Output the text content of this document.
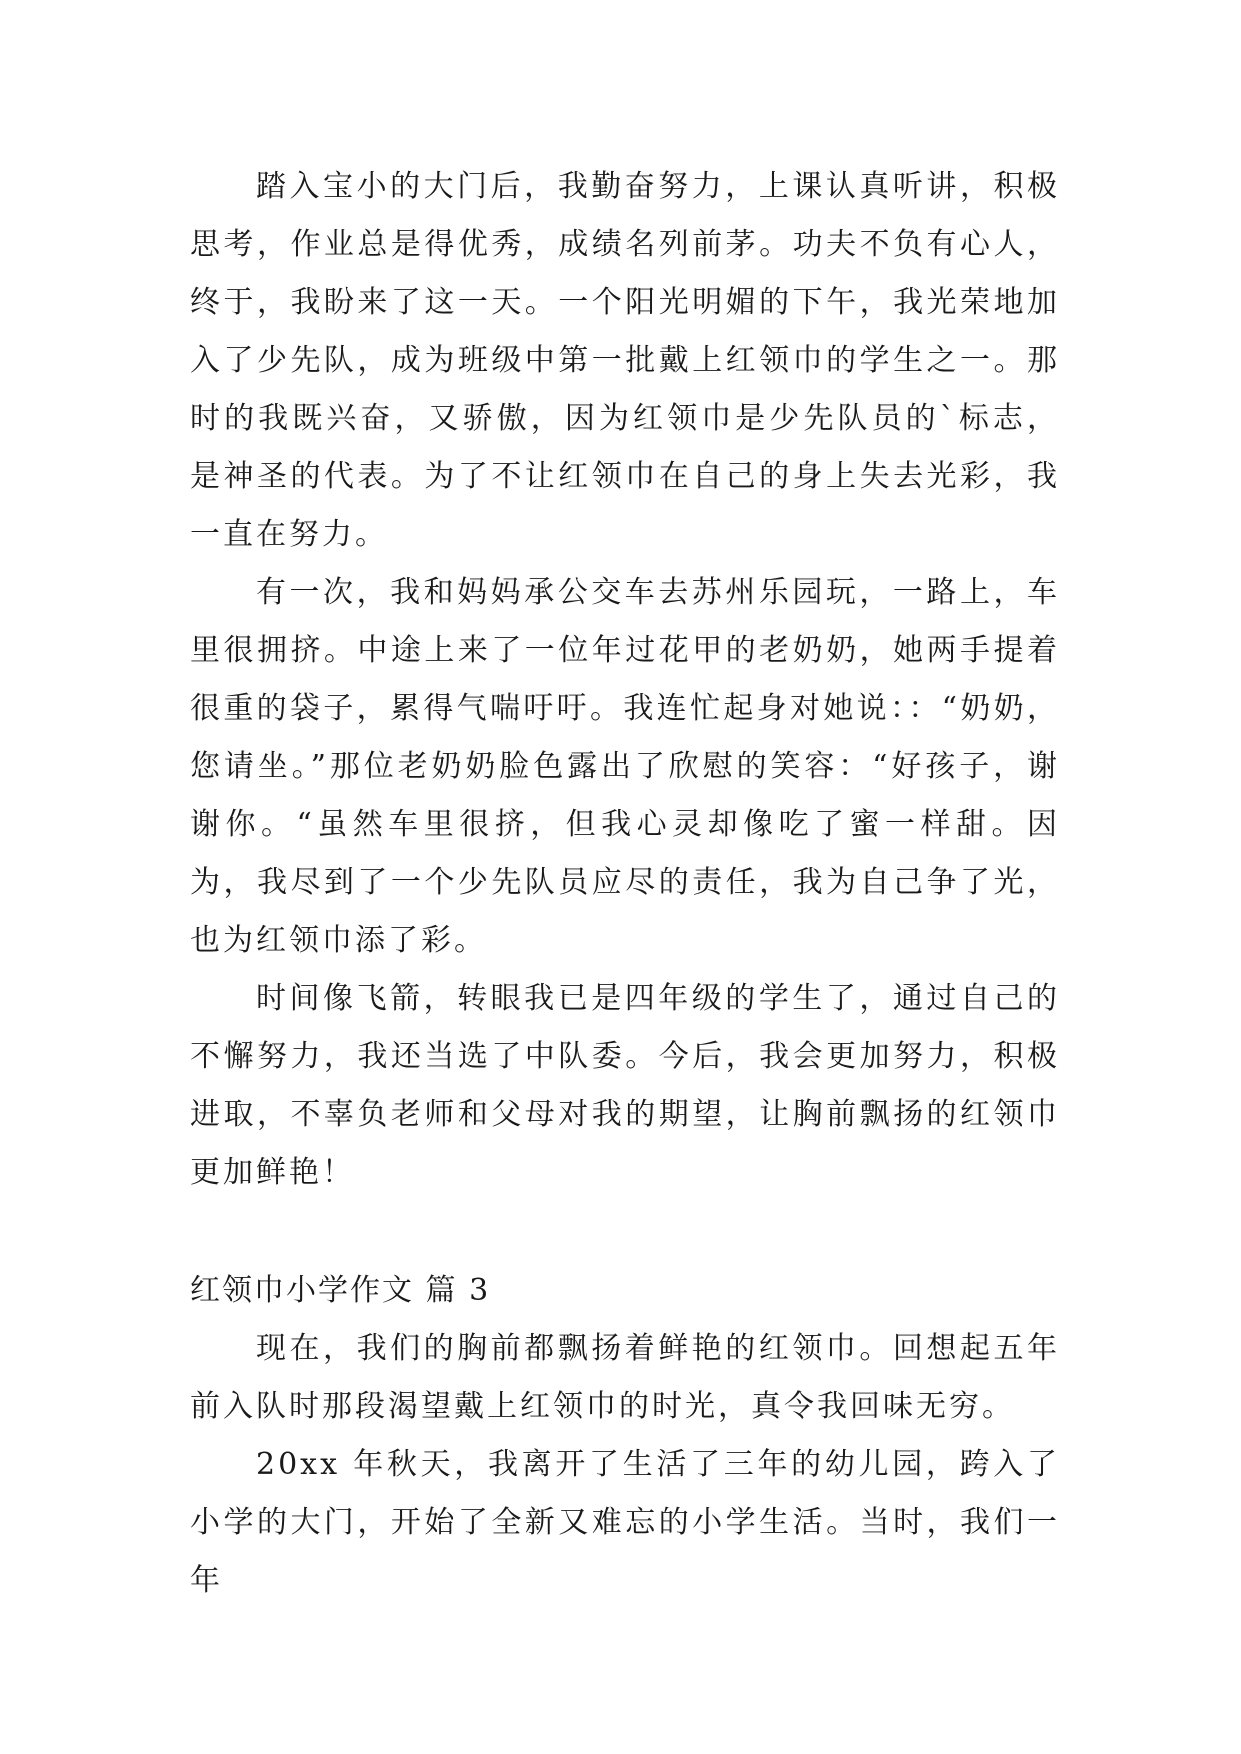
踏入宝小的大门后，我勤奋努力，上课认真听讲，积极思考，作业总是得优秀，成绩名列前茅。功夫不负有心人，终于，我盼来了这一天。一个阳光明媚的下午，我光荣地加入了少先队，成为班级中第一批戴上红领巾的学生之一。那时的我既兴奋，又骄傲，因为红领巾是少先队员的`标志，是神圣的代表。为了不让红领巾在自己的身上失去光彩，我一直在努力。

有一次，我和妈妈承公交车去苏州乐园玩，一路上，车里很拥挤。中途上来了一位年过花甲的老奶奶，她两手提着很重的袋子，累得气喘吁吁。我连忙起身对她说：：“奶奶，您请坐。”那位老奶奶脸色露出了欣慰的笑容：“好孩子，谢谢你。“虽然车里很挤，但我心灵却像吃了蜜一样甜。因为，我尽到了一个少先队员应尽的责任，我为自己争了光，也为红领巾添了彩。

时间像飞箭，转眼我已是四年级的学生了，通过自己的不懈努力，我还当选了中队委。今后，我会更加努力，积极进取，不辜负老师和父母对我的期望，让胸前飘扬的红领巾更加鲜艳！

红领巾小学作文 篇 3

现在，我们的胸前都飘扬着鲜艳的红领巾。回想起五年前入队时那段渴望戴上红领巾的时光，真令我回味无穷。

20xx 年秋天，我离开了生活了三年的幼儿园，跨入了小学的大门，开始了全新又难忘的小学生活。当时，我们一年
